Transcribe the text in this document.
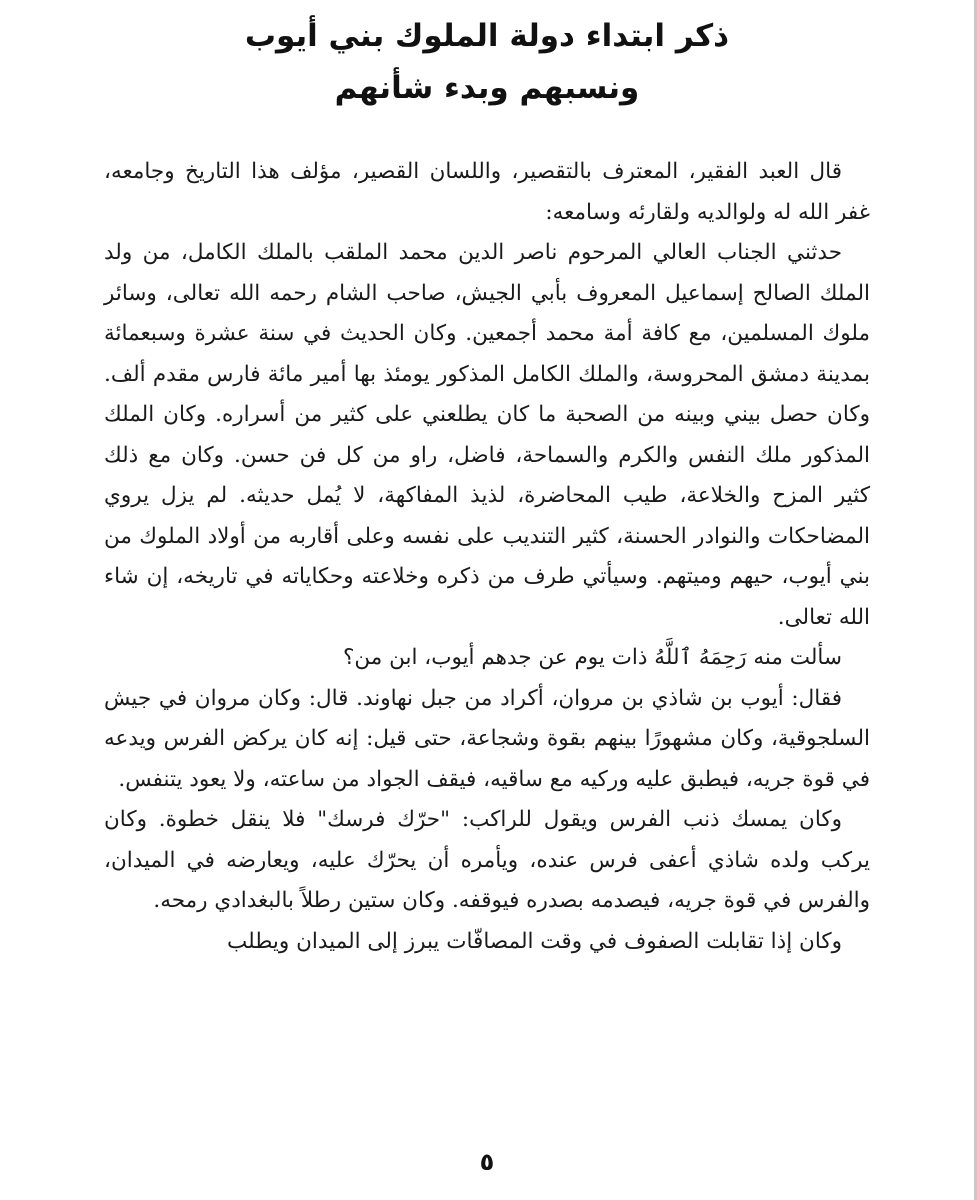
ذكر ابتداء دولة الملوك بني أيوب
ونسبهم وبدء شأنهم

قال العبد الفقير، المعترف بالتقصير، واللسان القصير، مؤلف هذا التاريخ وجامعه، غفر الله له ولوالديه ولقارئه وسامعه:

حدثني الجناب العالي المرحوم ناصر الدين محمد الملقب بالملك الكامل، من ولد الملك الصالح إسماعيل المعروف بأبي الجيش، صاحب الشام رحمه الله تعالى، وسائر ملوك المسلمين، مع كافة أمة محمد أجمعين. وكان الحديث في سنة عشرة وسبعمائة بمدينة دمشق المحروسة، والملك الكامل المذكور يومئذ بها أمير مائة فارس مقدم ألف. وكان حصل بيني وبينه من الصحبة ما كان يطلعني على كثير من أسراره. وكان الملك المذكور ملك النفس والكرم والسماحة، فاضل، راو من كل فن حسن. وكان مع ذلك كثير المزح والخلاعة، طيب المحاضرة، لذيذ المفاكهة، لا يُمل حديثه. لم يزل يروي المضاحكات والنوادر الحسنة، كثير التنديب على نفسه وعلى أقاربه من أولاد الملوك من بني أيوب، حيهم وميتهم. وسيأتي طرف من ذكره وخلاعته وحكاياته في تاريخه، إن شاء الله تعالى.

سألت منه رَحِمَهُ ٱللَّهُ ذات يوم عن جدهم أيوب، ابن من؟

فقال: أيوب بن شاذي بن مروان، أكراد من جبل نهاوند. قال: وكان مروان في جيش السلجوقية، وكان مشهورًا بينهم بقوة وشجاعة، حتى قيل: إنه كان يركض الفرس ويدعه في قوة جريه، فيطبق عليه وركيه مع ساقيه، فيقف الجواد من ساعته، ولا يعود يتنفس.

وكان يمسك ذنب الفرس ويقول للراكب: "حرّك فرسك" فلا ينقل خطوة. وكان يركب ولده شاذي أعفى فرس عنده، ويأمره أن يحرّك عليه، ويعارضه في الميدان، والفرس في قوة جريه، فيصدمه بصدره فيوقفه. وكان ستين رطلاً بالبغدادي رمحه.

وكان إذا تقابلت الصفوف في وقت المصافّات يبرز إلى الميدان ويطلب

٥
